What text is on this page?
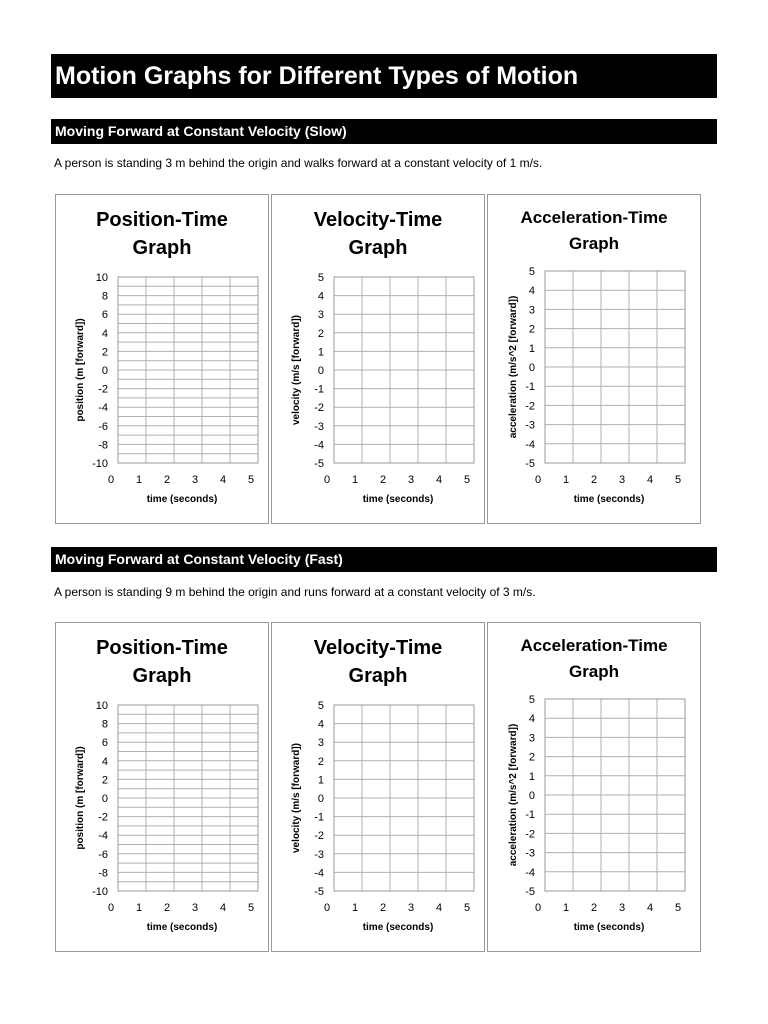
Motion Graphs for Different Types of Motion
Moving Forward at Constant Velocity (Slow)
A person is standing 3 m behind the origin and walks forward at a constant velocity of 1 m/s.
Position-Time
Graph
10
8
6
4
2
0
-2
-4
-6
-8
-10
0 1 2 3 4 5
time (seconds)
position (m [forward])
Velocity-Time
Graph
5
4
3
2
1
0
-1
-2
-3
-4
-5
0 1 2 3 4 5
time (seconds)
velocity (m/s [forward])
Acceleration-Time
Graph
5
4
3
2
1
0
-1
-2
-3
-4
-5
0 1 2 3 4 5
time (seconds)
acceleration (m/s^2 [forward])
Moving Forward at Constant Velocity (Fast)
A person is standing 9 m behind the origin and runs forward at a constant velocity of 3 m/s.
Position-Time
Graph
10
8
6
4
2
0
-2
-4
-6
-8
-10
0 1 2 3 4 5
time (seconds)
position (m [forward])
Velocity-Time
Graph
5
4
3
2
1
0
-1
-2
-3
-4
-5
0 1 2 3 4 5
time (seconds)
velocity (m/s [forward])
Acceleration-Time
Graph
5
4
3
2
1
0
-1
-2
-3
-4
-5
0 1 2 3 4 5
time (seconds)
acceleration (m/s^2 [forward])
